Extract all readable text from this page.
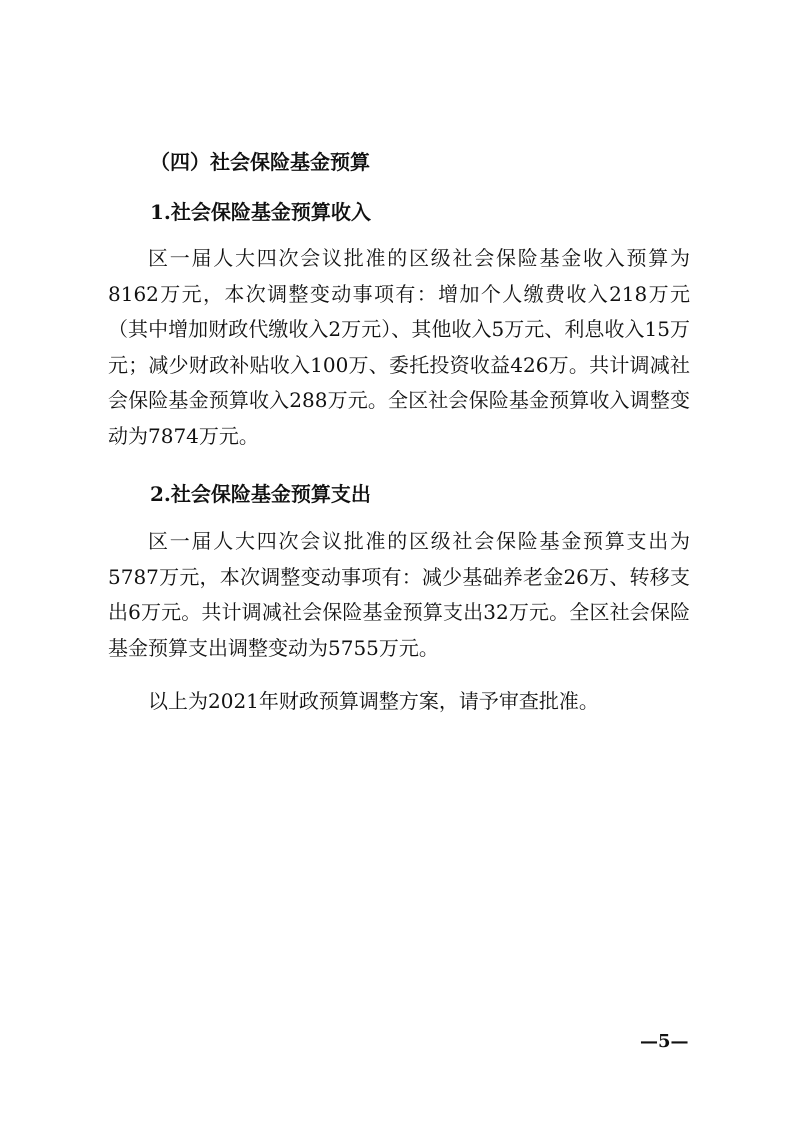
（四）社会保险基金预算
1.社会保险基金预算收入

区一届人大四次会议批准的区级社会保险基金收入预算为8162万元，本次调整变动事项有：增加个人缴费收入218万元（其中增加财政代缴收入2万元）、其他收入5万元、利息收入15万元；减少财政补贴收入100万、委托投资收益426万。共计调减社会保险基金预算收入288万元。全区社会保险基金预算收入调整变动为7874万元。

2.社会保险基金预算支出

区一届人大四次会议批准的区级社会保险基金预算支出为5787万元，本次调整变动事项有：减少基础养老金26万、转移支出6万元。共计调减社会保险基金预算支出32万元。全区社会保险基金预算支出调整变动为5755万元。

以上为2021年财政预算调整方案，请予审查批准。

—5—
